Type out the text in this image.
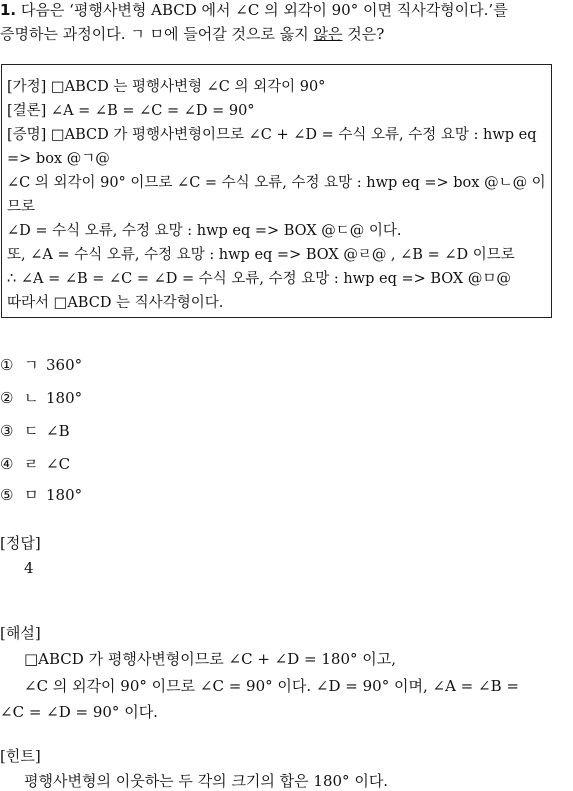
1. 다음은 ‘평행사변형 ABCD 에서 ∠C 의 외각이 90° 이면 직사각형이다.’를
증명하는 과정이다. ㄱ ㅁ에 들어갈 것으로 옳지 않은 것은?
[가정] □ABCD 는 평행사변형 ∠C 의 외각이 90°
[결론] ∠A = ∠B = ∠C = ∠D = 90°
[증명] □ABCD 가 평행사변형이므로 ∠C + ∠D = 수식 오류, 수정 요망 : hwp eq
=> box @ㄱ@
∠C 의 외각이 90° 이므로 ∠C = 수식 오류, 수정 요망 : hwp eq => box @ㄴ@ 이
므로
∠D = 수식 오류, 수정 요망 : hwp eq => BOX @ㄷ@ 이다.
또, ∠A = 수식 오류, 수정 요망 : hwp eq => BOX @ㄹ@ , ∠B = ∠D 이므로
∴ ∠A = ∠B = ∠C = ∠D = 수식 오류, 수정 요망 : hwp eq => BOX @ㅁ@
따라서 □ABCD 는 직사각형이다.
① ㄱ 360°
② ㄴ 180°
③ ㄷ ∠B
④ ㄹ ∠C
⑤ ㅁ 180°
[정답]
4
[해설]
□ABCD 가 평행사변형이므로 ∠C + ∠D = 180° 이고,
∠C 의 외각이 90° 이므로 ∠C = 90° 이다. ∠D = 90° 이며, ∠A = ∠B =
∠C = ∠D = 90° 이다.
[힌트]
평행사변형의 이웃하는 두 각의 크기의 합은 180° 이다.
